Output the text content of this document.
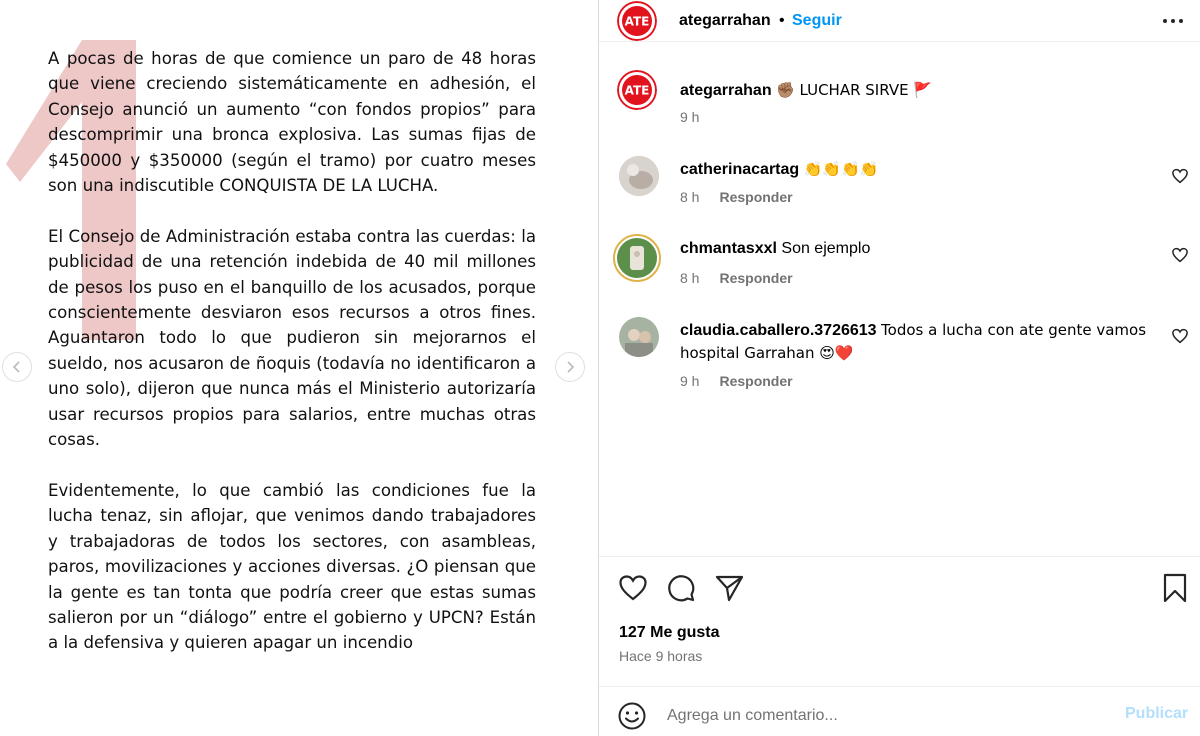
A pocas de horas de que comience un paro de 48 horas que viene creciendo sistemáticamente en adhesión, el Consejo anunció un aumento “con fondos propios” para descomprimir una bronca explosiva. Las sumas fijas de $450000 y $350000 (según el tramo) por cuatro meses son una indiscutible CONQUISTA DE LA LUCHA.

El Consejo de Administración estaba contra las cuerdas: la publicidad de una retención indebida de 40 mil millones de pesos los puso en el banquillo de los acusados, porque conscientemente desviaron esos recursos a otros fines. Aguantaron todo lo que pudieron sin mejorarnos el sueldo, nos acusaron de ñoquis (todavía no identificaron a uno solo), dijeron que nunca más el Ministerio autorizaría usar recursos propios para salarios, entre muchas otras cosas.

Evidentemente, lo que cambió las condiciones fue la lucha tenaz, sin aflojar, que venimos dando trabajadores y trabajadoras de todos los sectores, con asambleas, paros, movilizaciones y acciones diversas. ¿O piensan que la gente es tan tonta que podría creer que estas sumas salieron por un “diálogo” entre el gobierno y UPCN? Están a la defensiva y quieren apagar un incendio

ATE ategarrahan • Seguir
ATE ategarrahan ✊🏽 LUCHAR SIRVE 🚩
9 h
catherinacartag 👏👏👏👏
8 h Responder
chmantasxxl Son ejemplo
8 h Responder
claudia.caballero.3726613 Todos a lucha con ate gente vamos hospital Garrahan 😍❤️
9 h Responder
127 Me gusta
Hace 9 horas
Agrega un comentario...
Publicar
